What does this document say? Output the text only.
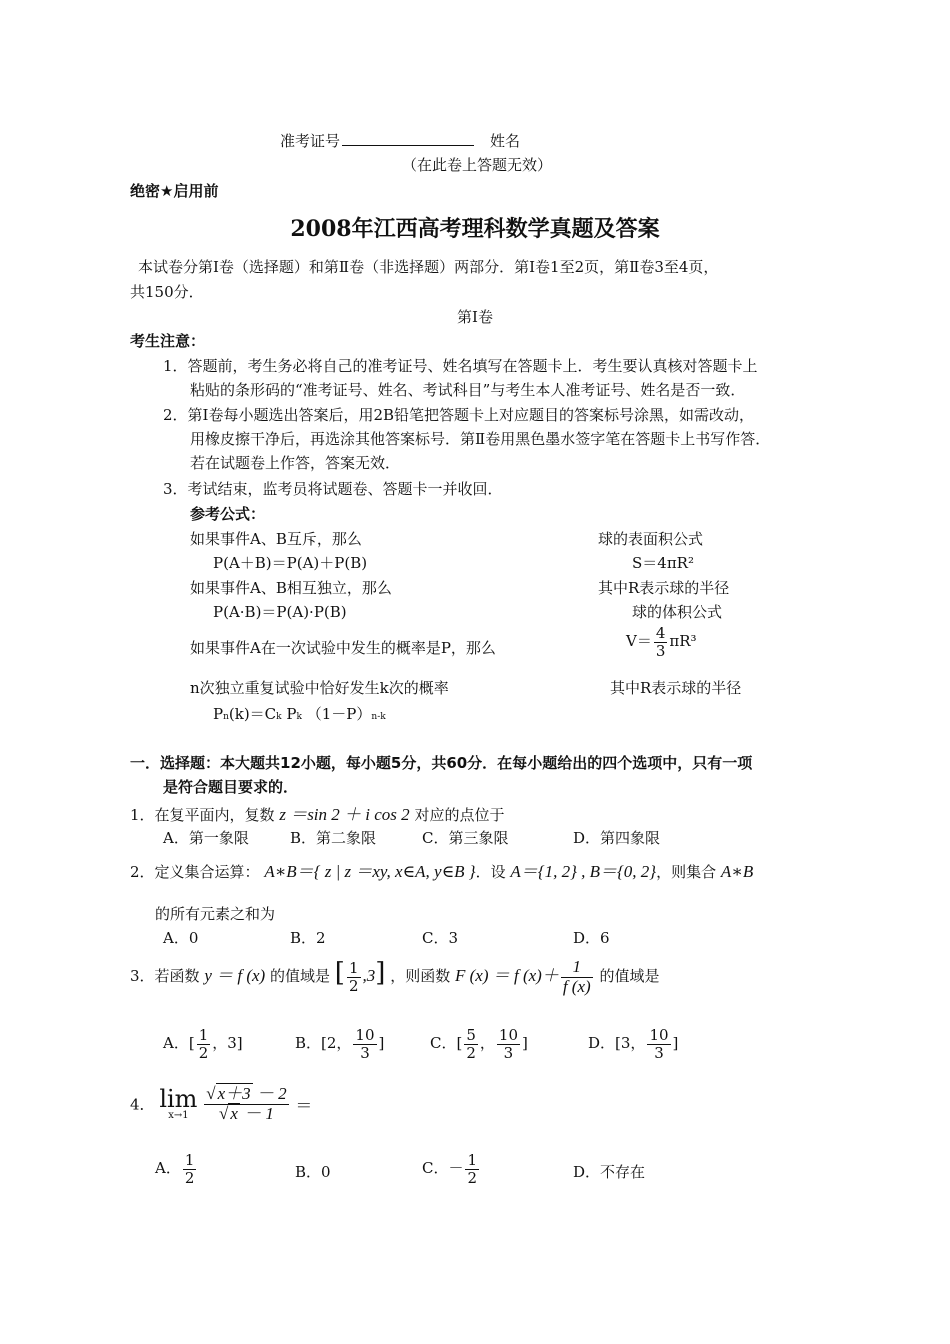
准考证号	姓名
（在此卷上答题无效）
绝密★启用前
2008年江西高考理科数学真题及答案
本试卷分第Ⅰ卷（选择题）和第Ⅱ卷（非选择题）两部分．第Ⅰ卷1至2页，第Ⅱ卷3至4页，
共150分．
第Ⅰ卷
考生注意：
1．答题前，考生务必将自己的准考证号、姓名填写在答题卡上．考生要认真核对答题卡上
粘贴的条形码的“准考证号、姓名、考试科目”与考生本人准考证号、姓名是否一致．
2．第Ⅰ卷每小题选出答案后，用2B铅笔把答题卡上对应题目的答案标号涂黑，如需改动，
用橡皮擦干净后，再选涂其他答案标号．第Ⅱ卷用黑色墨水签字笔在答题卡上书写作答．
若在试题卷上作答，答案无效．
3．考试结束，监考员将试题卷、答题卡一并收回．
参考公式：
如果事件A、B互斥，那么
P(A＋B)＝P(A)＋P(B)
如果事件A、B相互独立，那么
P(A·B)＝P(A)·P(B)
如果事件A在一次试验中发生的概率是P，那么
n次独立重复试验中恰好发生k次的概率
Pn(k)＝Ck Pk （1－P）n-k
球的表面积公式
S＝4πR²
其中R表示球的半径
球的体积公式
$V= \frac{4}{3} \pi R^3$
其中R表示球的半径
一．选择题：本大题共12小题，每小题5分，共60分．在每小题给出的四个选项中，只有一项
是符合题目要求的．
1．在复平面内，复数 z ＝sin 2 ＋ i cos 2 对应的点位于
A．第一象限	B．第二象限	C．第三象限	D．第四象限
2．定义集合运算： A∗B＝{ z | z ＝xy, x∈A, y∈B }．设 A＝{1, 2} , B＝{0, 2}，则集合 A∗B
的所有元素之和为
A．0	B．2	C．3	D．6
3．若函数 y ＝ f (x) 的值域是 [ $\frac{1}{2} ,3$] ，则函数 F (x) ＝ f $(x)+ \frac{1}{f (x)}$ 的值域是
A．[ $\frac{1}{2}$ ，3]	B．[2， $\frac{10}{3}$ ]	C．[ $\frac{5}{2}$ ， $\frac{10}{3}$ ]	D．[3， $\frac{10}{3}$ ]
4． lim
x→1
$\frac{√ x+3 - 2}{√ x - 1}$ ＝
A． $\frac{1}{2}$	B．0	C．－ $\frac{1}{2}$	D．不存在
